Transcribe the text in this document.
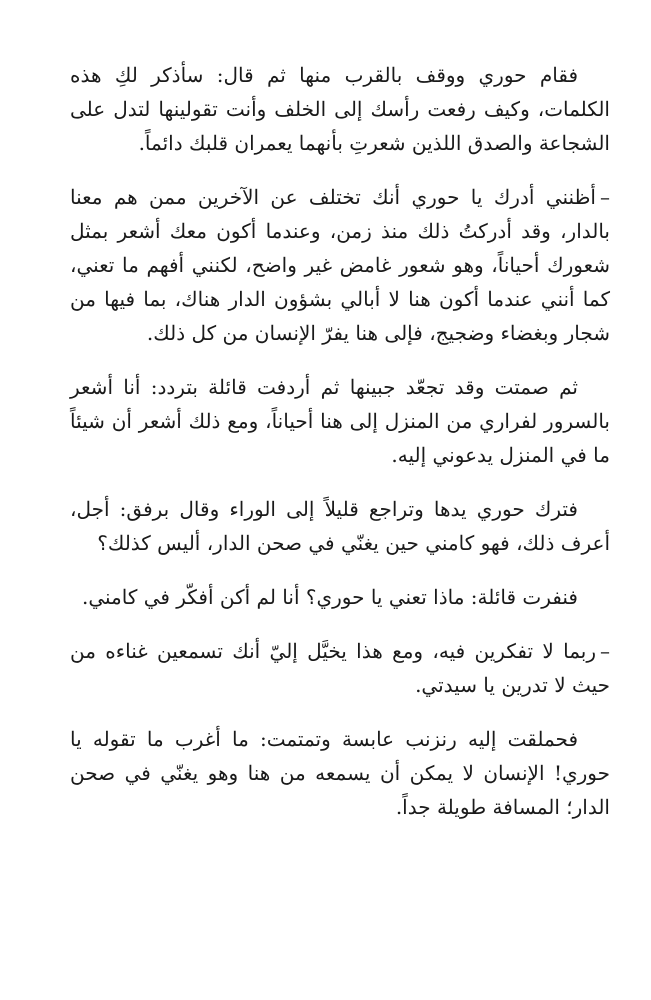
فقام حوري ووقف بالقرب منها ثم قال: سأذكر لكِ هذه الكلمات، وكيف رفعت رأسك إلى الخلف وأنت تقولينها لتدل على الشجاعة والصدق اللذين شعرتِ بأنهما يعمران قلبك دائماً.

–أظنني أدرك يا حوري أنك تختلف عن الآخرين ممن هم معنا بالدار، وقد أدركتُ ذلك منذ زمن، وعندما أكون معك أشعر بمثل شعورك أحياناً، وهو شعور غامض غير واضح، لكنني أفهم ما تعني، كما أنني عندما أكون هنا لا أبالي بشؤون الدار هناك، بما فيها من شجار وبغضاء وضجيج، فإلى هنا يفرّ الإنسان من كل ذلك.

ثم صمتت وقد تجعّد جبينها ثم أردفت قائلة بتردد: أنا أشعر بالسرور لفراري من المنزل إلى هنا أحياناً، ومع ذلك أشعر أن شيئاً ما في المنزل يدعوني إليه.

فترك حوري يدها وتراجع قليلاً إلى الوراء وقال برفق: أجل، أعرف ذلك، فهو كامني حين يغنّي في صحن الدار، أليس كذلك؟

فنفرت قائلة: ماذا تعني يا حوري؟ أنا لم أكن أفكّر في كامني.

–ربما لا تفكرين فيه، ومع هذا يخيَّل إليّ أنك تسمعين غناءه من حيث لا تدرين يا سيدتي.

فحملقت إليه رنزنب عابسة وتمتمت: ما أغرب ما تقوله يا حوري! الإنسان لا يمكن أن يسمعه من هنا وهو يغنّي في صحن الدار؛ المسافة طويلة جداً.
